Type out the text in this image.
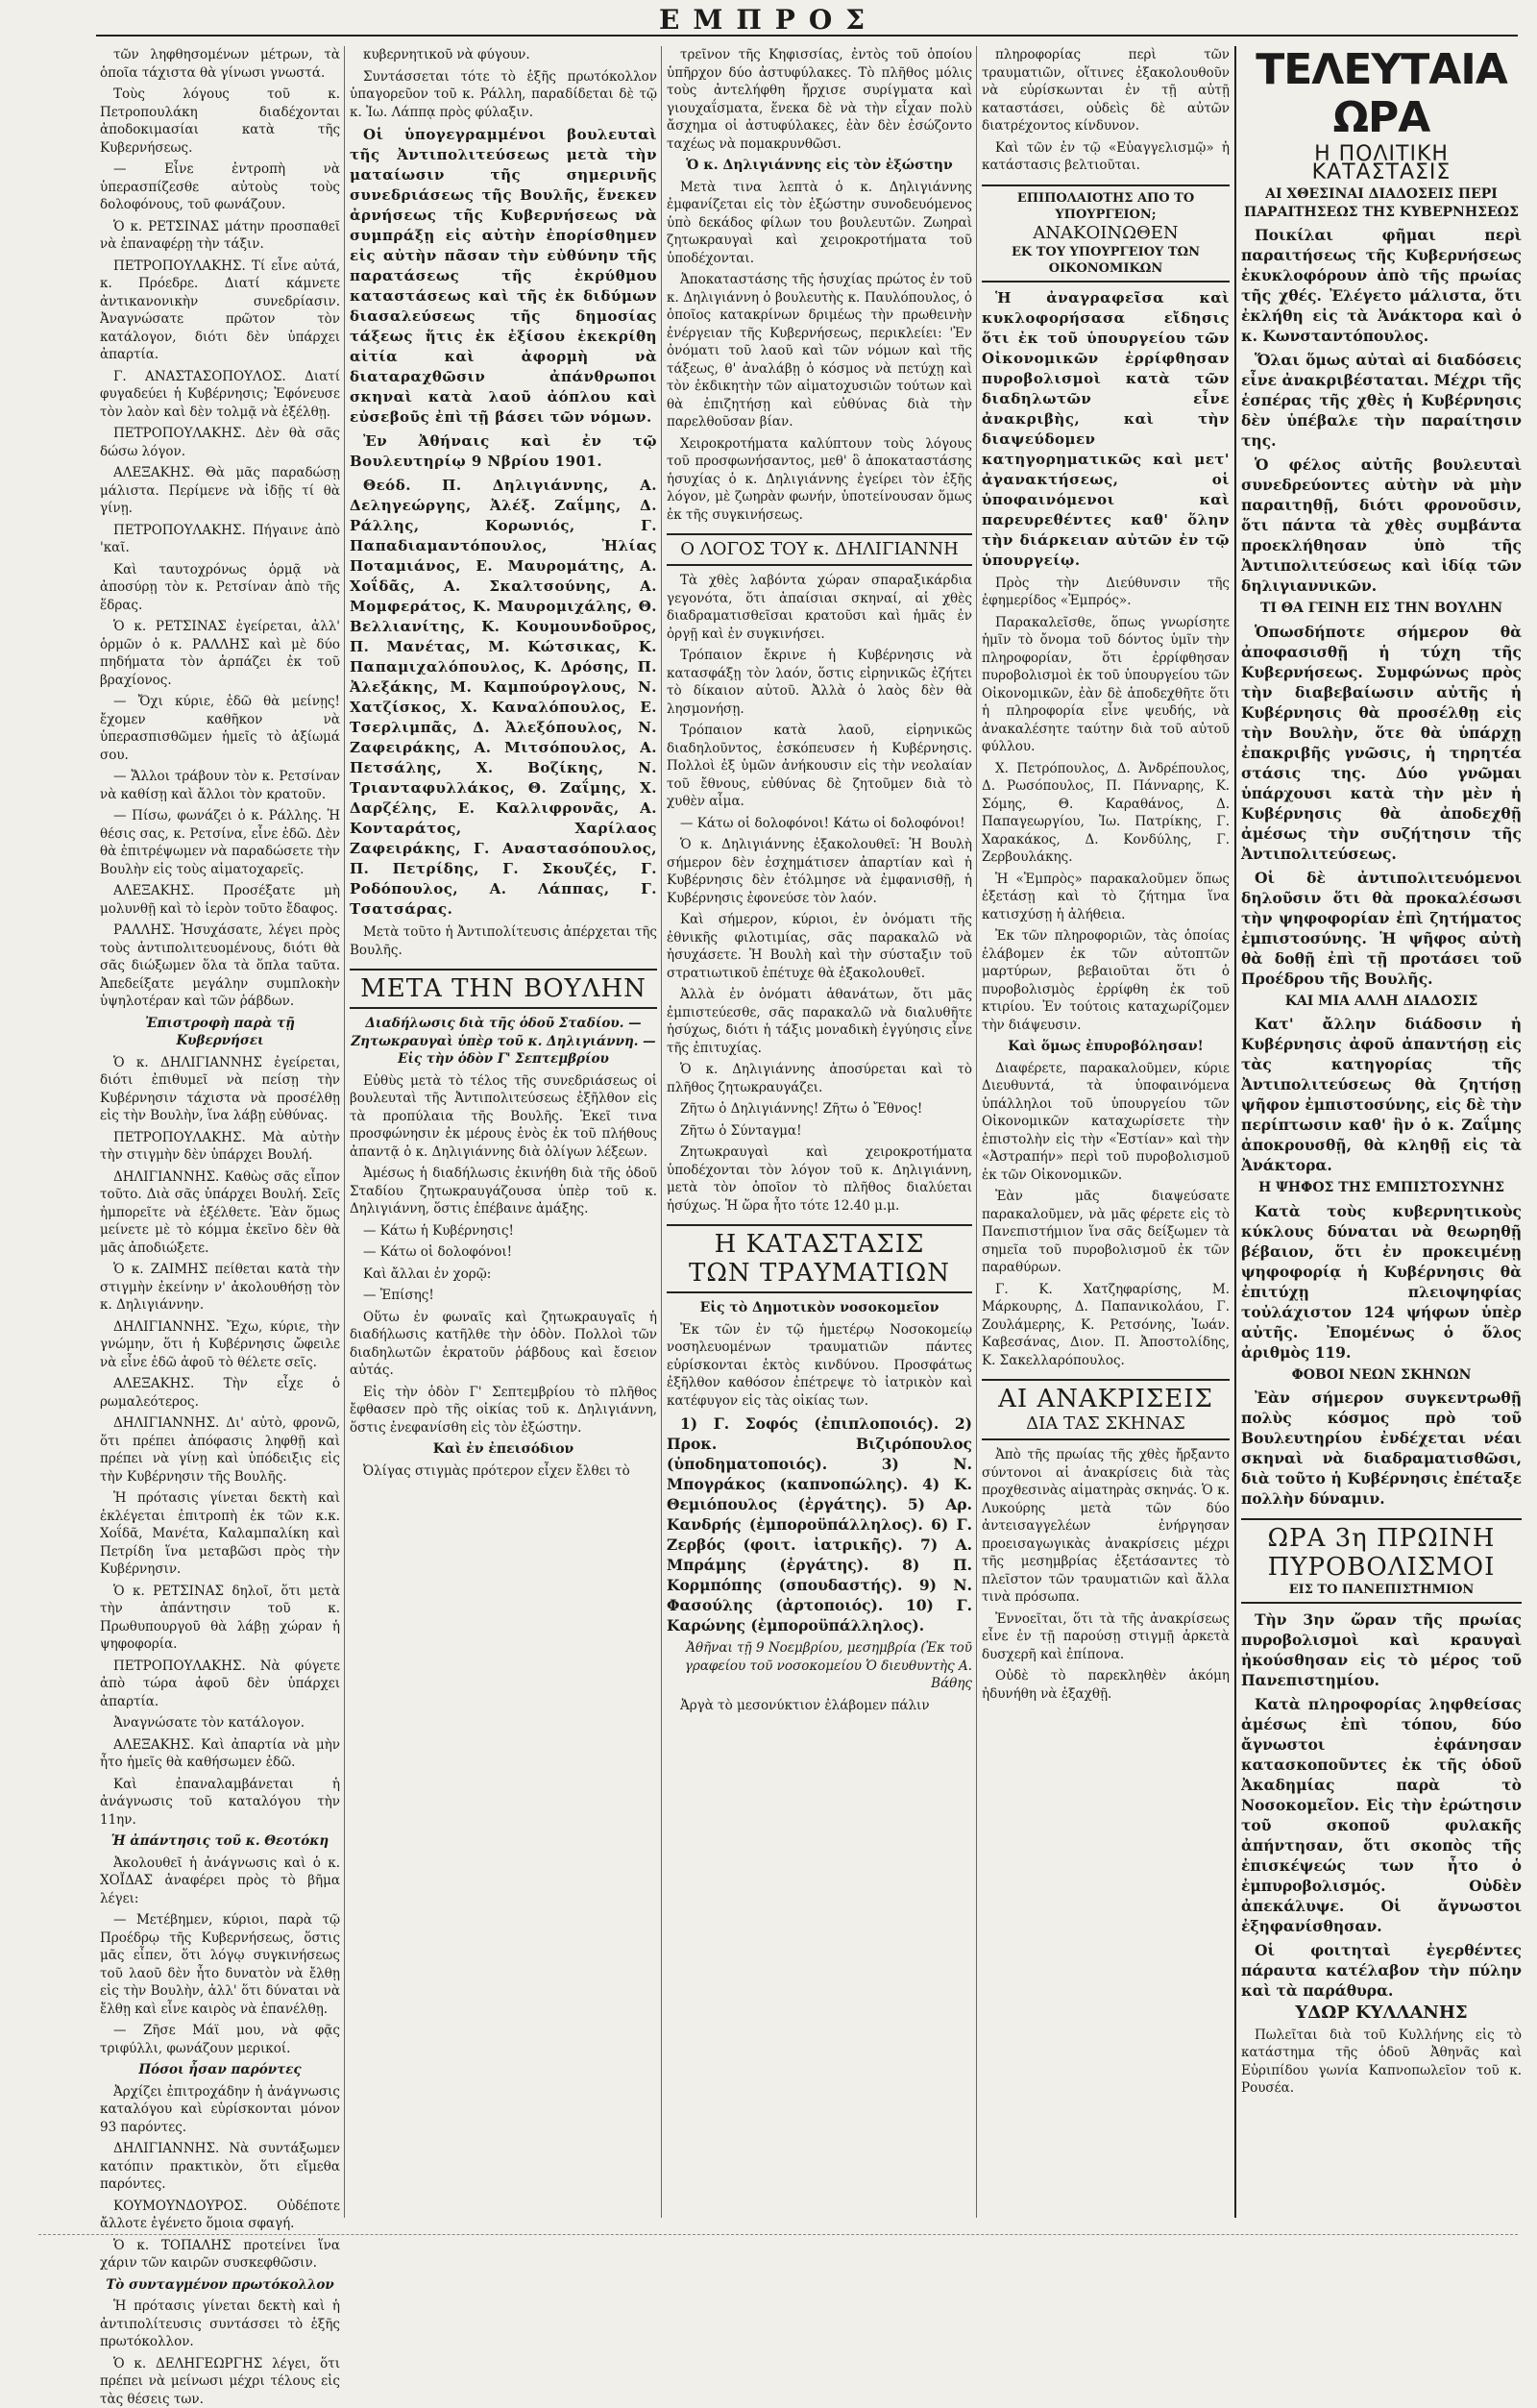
ΕΜΠΡΟΣ

τῶν ληφθησομένων μέτρων, τὰ ὁποῖα τάχιστα θὰ γίνωσι γνωστά.

Τοὺς λόγους τοῦ κ. Πετροπουλάκη διαδέχονται ἀποδοκιμασίαι κατὰ τῆς Κυβερνήσεως.

— Εἶνε ἐντροπὴ νὰ ὑπερασπίζεσθε αὐτοὺς τοὺς δολοφόνους, τοῦ φωνάζουν.

Ὁ κ. ΡΕΤΣΙΝΑΣ μάτην προσπαθεῖ νὰ ἐπαναφέρῃ τὴν τάξιν.

ΠΕΤΡΟΠΟΥΛΑΚΗΣ. Τί εἶνε αὐτά, κ. Πρόεδρε. Διατί κάμνετε ἀντικανονικὴν συνεδρίασιν. Ἀναγνώσατε πρῶτον τὸν κατάλογον, διότι δὲν ὑπάρχει ἀπαρτία.

Γ. ΑΝΑΣΤΑΣΟΠΟΥΛΟΣ. Διατί φυγαδεύει ἡ Κυβέρνησις; Ἐφόνευσε τὸν λαὸν καὶ δὲν τολμᾷ νὰ ἐξέλθῃ.

ΠΕΤΡΟΠΟΥΛΑΚΗΣ. Δὲν θὰ σᾶς δώσω λόγον.

ΑΛΕΞΑΚΗΣ. Θὰ μᾶς παραδώσῃ μάλιστα. Περίμενε νὰ ἰδῇς τί θὰ γίνῃ.

ΠΕΤΡΟΠΟΥΛΑΚΗΣ. Πήγαινε ἀπὸ 'καῖ.

Καὶ ταυτοχρόνως ὁρμᾷ νὰ ἀποσύρῃ τὸν κ. Ρετσίναν ἀπὸ τῆς ἕδρας.

Ὁ κ. ΡΕΤΣΙΝΑΣ ἐγείρεται, ἀλλ' ὁρμῶν ὁ κ. ΡΑΛΛΗΣ καὶ μὲ δύο πηδήματα τὸν ἁρπάζει ἐκ τοῦ βραχίονος.

— Ὄχι κύριε, ἐδῶ θὰ μείνῃς! ἔχομεν καθῆκον νὰ ὑπερασπισθῶμεν ἡμεῖς τὸ ἀξίωμά σου.

— Ἄλλοι τράβουν τὸν κ. Ρετσίναν νὰ καθίσῃ καὶ ἄλλοι τὸν κρατοῦν.

— Πίσω, φωνάζει ὁ κ. Ράλλης. Ἡ θέσις σας, κ. Ρετσίνα, εἶνε ἐδῶ. Δὲν θὰ ἐπιτρέψωμεν νὰ παραδώσετε τὴν Βουλὴν εἰς τοὺς αἱματοχαρεῖς.

ΑΛΕΞΑΚΗΣ. Προσέξατε μὴ μολυνθῇ καὶ τὸ ἱερὸν τοῦτο ἔδαφος.

ΡΑΛΛΗΣ. Ἡσυχάσατε, λέγει πρὸς τοὺς ἀντιπολιτευομένους, διότι θὰ σᾶς διώξωμεν ὅλα τὰ ὅπλα ταῦτα. Ἀπεδείξατε μεγάλην συμπλοκὴν ὑψηλοτέραν καὶ τῶν ῥάβδων.

Ἐπιστροφὴ παρὰ τῇ Κυβερνήσει

Ὁ κ. ΔΗΛΙΓΙΑΝΝΗΣ ἐγείρεται, διότι ἐπιθυμεῖ νὰ πείσῃ τὴν Κυβέρνησιν τάχιστα νὰ προσέλθῃ εἰς τὴν Βουλὴν, ἵνα λάβῃ εὐθύνας.

ΠΕΤΡΟΠΟΥΛΑΚΗΣ. Μὰ αὐτὴν τὴν στιγμὴν δὲν ὑπάρχει Βουλή.

ΔΗΛΙΓΙΑΝΝΗΣ. Καθὼς σᾶς εἶπον τοῦτο. Διὰ σᾶς ὑπάρχει Βουλή. Σεῖς ἠμπορεῖτε νὰ ἐξέλθετε. Ἐὰν ὅμως μείνετε μὲ τὸ κόμμα ἐκεῖνο δὲν θὰ μᾶς ἀποδιώξετε.

Ὁ κ. ΖΑΙΜΗΣ πείθεται κατὰ τὴν στιγμὴν ἐκείνην ν' ἀκολουθήσῃ τὸν κ. Δηλιγιάννην.

ΔΗΛΙΓΙΑΝΝΗΣ. Ἔχω, κύριε, τὴν γνώμην, ὅτι ἡ Κυβέρνησις ὤφειλε νὰ εἶνε ἐδῶ ἀφοῦ τὸ θέλετε σεῖς.

ΑΛΕΞΑΚΗΣ. Τὴν εἶχε ὁ ρωμαλεότερος.

ΔΗΛΙΓΙΑΝΝΗΣ. Δι' αὐτὸ, φρονῶ, ὅτι πρέπει ἀπόφασις ληφθῇ καὶ πρέπει νὰ γίνῃ καὶ ὑπόδειξις εἰς τὴν Κυβέρνησιν τῆς Βουλῆς.

Ἡ πρότασις γίνεται δεκτὴ καὶ ἐκλέγεται ἐπιτροπὴ ἐκ τῶν κ.κ. Χοΐδᾶ, Μανέτα, Καλαμπαλίκη καὶ Πετρίδη ἵνα μεταβῶσι πρὸς τὴν Κυβέρνησιν.

Ὁ κ. ΡΕΤΣΙΝΑΣ δηλοῖ, ὅτι μετὰ τὴν ἀπάντησιν τοῦ κ. Πρωθυπουργοῦ θὰ λάβῃ χώραν ἡ ψηφοφορία.

ΠΕΤΡΟΠΟΥΛΑΚΗΣ. Νὰ φύγετε ἀπὸ τώρα ἀφοῦ δὲν ὑπάρχει ἀπαρτία.

Ἀναγνώσατε τὸν κατάλογον.

ΑΛΕΞΑΚΗΣ. Καὶ ἀπαρτία νὰ μὴν ἦτο ἡμεῖς θὰ καθήσωμεν ἐδῶ.

Καὶ ἐπαναλαμβάνεται ἡ ἀνάγνωσις τοῦ καταλόγου τὴν 11ην.

Ἡ ἀπάντησις τοῦ κ. Θεοτόκη

Ἀκολουθεῖ ἡ ἀνάγνωσις καὶ ὁ κ. ΧΟΪΔΑΣ ἀναφέρει πρὸς τὸ βῆμα λέγει:

— Μετέβημεν, κύριοι, παρὰ τῷ Προέδρῳ τῆς Κυβερνήσεως, ὅστις μᾶς εἶπεν, ὅτι λόγῳ συγκινήσεως τοῦ λαοῦ δὲν ἦτο δυνατὸν νὰ ἔλθῃ εἰς τὴν Βουλὴν, ἀλλ' ὅτι δύναται νὰ ἔλθῃ καὶ εἶνε καιρὸς νὰ ἐπανέλθῃ.

— Ζῆσε Μάϊ μου, νὰ φᾷς τριφύλλι, φωνάζουν μερικοί.

Πόσοι ἦσαν παρόντες

Ἀρχίζει ἐπιτροχάδην ἡ ἀνάγνωσις καταλόγου καὶ εὑρίσκονται μόνον 93 παρόντες.

ΔΗΛΙΓΙΑΝΝΗΣ. Νὰ συντάξωμεν κατόπιν πρακτικὸν, ὅτι εἴμεθα παρόντες.

ΚΟΥΜΟΥΝΔΟΥΡΟΣ. Οὐδέποτε ἄλλοτε ἐγένετο ὅμοια σφαγή.

Ὁ κ. ΤΟΠΑΛΗΣ προτείνει ἵνα χάριν τῶν καιρῶν συσκεφθῶσιν.

Τὸ συνταγμένον πρωτόκολλον

Ἡ πρότασις γίνεται δεκτὴ καὶ ἡ ἀντιπολίτευσις συντάσσει τὸ ἑξῆς πρωτόκολλον.

Ὁ κ. ΔΕΛΗΓΕΩΡΓΗΣ λέγει, ὅτι πρέπει νὰ μείνωσι μέχρι τέλους εἰς τὰς θέσεις των.

κυβερνητικοῦ νὰ φύγουν.

Συντάσσεται τότε τὸ ἑξῆς πρωτόκολλον ὑπαγορεῦον τοῦ κ. Ράλλη, παραδίδεται δὲ τῷ κ. Ἰω. Λάππᾳ πρὸς φύλαξιν.

Οἱ ὑπογεγραμμένοι βουλευταὶ τῆς Ἀντιπολιτεύσεως μετὰ τὴν ματαίωσιν τῆς σημερινῆς συνεδριάσεως τῆς Βουλῆς, ἕνεκεν ἀρνήσεως τῆς Κυβερνήσεως νὰ συμπράξῃ εἰς αὐτὴν ἐπορίσθημεν εἰς αὐτὴν πᾶσαν τὴν εὐθύνην τῆς παρατάσεως τῆς ἐκρύθμου καταστάσεως καὶ τῆς ἐκ διδύμων διασαλεύσεως τῆς δημοσίας τάξεως ἥτις ἐκ ἐξίσου ἐκεκρίθη αἰτία καὶ ἀφορμὴ νὰ διαταραχθῶσιν ἀπάνθρωποι σκηναὶ κατὰ λαοῦ ἀόπλου καὶ εὐσεβοῦς ἐπὶ τῇ βάσει τῶν νόμων.

Ἐν Ἀθήναις καὶ ἐν τῷ Βουλευτηρίῳ 9 Νβρίου 1901.

Θεόδ. Π. Δηλιγιάννης, Α. Δεληγεώργης, Ἀλέξ. Ζαΐμης, Δ. Ράλλης, Κορωνιός, Γ. Παπαδιαμαντόπουλος, Ἠλίας Ποταμιάνος, Ε. Μαυρομάτης, Α. Χοΐδᾶς, Α. Σκαλτσούνης, Α. Μομφεράτος, Κ. Μαυρομιχάλης, Θ. Βελλιανίτης, Κ. Κουμουνδοῦρος, Π. Μανέτας, Μ. Κώτσικας, Κ. Παπαμιχαλόπουλος, Κ. Δρόσης, Π. Ἀλεξάκης, Μ. Καμπούρογλους, Ν. Χατζίσκος, Χ. Καναλόπουλος, Ε. Τσερλιμπᾶς, Δ. Ἀλεξόπουλος, Ν. Ζαφειράκης, Α. Μιτσόπουλος, Α. Πετσάλης, Χ. Βοζίκης, Ν. Τριανταφυλλάκος, Θ. Ζαΐμης, Χ. Δαρζέλης, Ε. Καλλιφρονᾶς, Α. Κονταράτος, Χαρίλαος Ζαφειράκης, Γ. Αναστασόπουλος, Π. Πετρίδης, Γ. Σκουζές, Γ. Ροδόπουλος, Α. Λάππας, Γ. Τσατσάρας.

Μετὰ τοῦτο ἡ Ἀντιπολίτευσις ἀπέρχεται τῆς Βουλῆς.

ΜΕΤΑ ΤΗΝ ΒΟΥΛΗΝ

Διαδήλωσις διὰ τῆς ὁδοῦ Σταδίου. — Ζητωκραυγαὶ ὑπὲρ τοῦ κ. Δηλιγιάννη. — Εἰς τὴν ὁδὸν Γ' Σεπτεμβρίου

Εὐθὺς μετὰ τὸ τέλος τῆς συνεδριάσεως οἱ βουλευταὶ τῆς Ἀντιπολιτεύσεως ἐξῆλθον εἰς τὰ προπύλαια τῆς Βουλῆς. Ἐκεῖ τινα προσφώνησιν ἐκ μέρους ἑνὸς ἐκ τοῦ πλήθους ἀπαντᾷ ὁ κ. Δηλιγιάννης διὰ ὀλίγων λέξεων.

Ἀμέσως ἡ διαδήλωσις ἐκινήθη διὰ τῆς ὁδοῦ Σταδίου ζητωκραυγάζουσα ὑπὲρ τοῦ κ. Δηλιγιάννη, ὅστις ἐπέβαινε ἀμάξης.

— Κάτω ἡ Κυβέρνησις!

— Κάτω οἱ δολοφόνοι!

Καὶ ἄλλαι ἐν χορῷ:

— Ἐπίσης!

Οὕτω ἐν φωναῖς καὶ ζητωκραυγαῖς ἡ διαδήλωσις κατῆλθε τὴν ὁδὸν. Πολλοὶ τῶν διαδηλωτῶν ἐκρατοῦν ῥάβδους καὶ ἔσειον αὐτάς.

Εἰς τὴν ὁδὸν Γ' Σεπτεμβρίου τὸ πλῆθος ἔφθασεν πρὸ τῆς οἰκίας τοῦ κ. Δηλιγιάννη, ὅστις ἐνεφανίσθη εἰς τὸν ἐξώστην.

Καὶ ἐν ἐπεισόδιον

Ὀλίγας στιγμὰς πρότερον εἶχεν ἔλθει τὸ

τρεῖνον τῆς Κηφισσίας, ἐντὸς τοῦ ὁποίου ὑπῆρχον δύο ἀστυφύλακες. Τὸ πλῆθος μόλις τοὺς ἀντελήφθη ἤρχισε συρίγματα καὶ γιουχαΐσματα, ἕνεκα δὲ νὰ τὴν εἶχαν πολὺ ἄσχημα οἱ ἀστυφύλακες, ἐὰν δὲν ἐσώζοντο ταχέως νὰ πομακρυνθῶσι.

Ὁ κ. Δηλιγιάννης εἰς τὸν ἐξώστην

Μετὰ τινα λεπτὰ ὁ κ. Δηλιγιάννης ἐμφανίζεται εἰς τὸν ἐξώστην συνοδευόμενος ὑπὸ δεκάδος φίλων του βουλευτῶν. Ζωηραὶ ζητωκραυγαὶ καὶ χειροκροτήματα τοῦ ὑποδέχονται.

Ἀποκαταστάσης τῆς ἡσυχίας πρώτος ἐν τοῦ κ. Δηλιγιάννη ὁ βουλευτὴς κ. Παυλόπουλος, ὁ ὁποῖος κατακρίνων δριμέως τὴν πρωθεινὴν ἐνέργειαν τῆς Κυβερνήσεως, περικλείει: 'Ἐν ὀνόματι τοῦ λαοῦ καὶ τῶν νόμων καὶ τῆς τάξεως, θ' ἀναλάβῃ ὁ κόσμος νὰ πετύχῃ καὶ τὸν ἐκδικητὴν τῶν αἱματοχυσιῶν τούτων καὶ θὰ ἐπιζητήσῃ καὶ εὐθύνας διὰ τὴν παρελθοῦσαν βίαν.

Χειροκροτήματα καλύπτουν τοὺς λόγους τοῦ προσφωνήσαντος, μεθ' ὃ ἀποκαταστάσης ἡσυχίας ὁ κ. Δηλιγιάννης ἐγείρει τὸν ἑξῆς λόγον, μὲ ζωηρὰν φωνήν, ὑποτείνουσαν ὅμως ἐκ τῆς συγκινήσεως.

Ο ΛΟΓΟΣ ΤΟΥ κ. ΔΗΛΙΓΙΑΝΝΗ

Τὰ χθὲς λαβόντα χώραν σπαραξικάρδια γεγονότα, ὅτι ἀπαίσιαι σκηναί, αἱ χθὲς διαδραματισθεῖσαι κρατοῦσι καὶ ἡμᾶς ἐν ὀργῇ καὶ ἐν συγκινήσει.

Τρόπαιον ἔκρινε ἡ Κυβέρνησις νὰ κατασφάξῃ τὸν λαόν, ὅστις εἰρηνικῶς ἐζήτει τὸ δίκαιον αὐτοῦ. Ἀλλὰ ὁ λαὸς δὲν θὰ λησμονήσῃ.

Τρόπαιον κατὰ λαοῦ, εἰρηνικῶς διαδηλοῦντος, ἐσκόπευσεν ἡ Κυβέρνησις. Πολλοὶ ἐξ ὑμῶν ἀνήκουσιν εἰς τὴν νεολαίαν τοῦ ἔθνους, εὐθύνας δὲ ζητοῦμεν διὰ τὸ χυθὲν αἷμα.

— Κάτω οἱ δολοφόνοι! Κάτω οἱ δολοφόνοι!

Ὁ κ. Δηλιγιάννης ἐξακολουθεῖ: Ἡ Βουλὴ σήμερον δὲν ἐσχημάτισεν ἀπαρτίαν καὶ ἡ Κυβέρνησις δὲν ἐτόλμησε νὰ ἐμφανισθῇ, ἡ Κυβέρνησις ἐφονεύσε τὸν λαόν.

Καὶ σήμερον, κύριοι, ἐν ὀνόματι τῆς ἐθνικῆς φιλοτιμίας, σᾶς παρακαλῶ νὰ ἡσυχάσετε. Ἡ Βουλὴ καὶ τὴν σύσταξιν τοῦ στρατιωτικοῦ ἐπέτυχε θὰ ἐξακολουθεῖ.

Ἀλλὰ ἐν ὀνόματι ἀθανάτων, ὅτι μᾶς ἐμπιστεύεσθε, σᾶς παρακαλῶ νὰ διαλυθῆτε ἡσύχως, διότι ἡ τάξις μοναδικὴ ἐγγύησις εἶνε τῆς ἐπιτυχίας.

Ὁ κ. Δηλιγιάννης ἀποσύρεται καὶ τὸ πλῆθος ζητωκραυγάζει.

Ζῆτω ὁ Δηλιγιάννης! Ζῆτω ὁ Ἔθνος!

Ζῆτω ὁ Σύνταγμα!

Ζητωκραυγαὶ καὶ χειροκροτήματα ὑποδέχονται τὸν λόγον τοῦ κ. Δηλιγιάννη, μετὰ τὸν ὁποῖον τὸ πλῆθος διαλύεται ἡσύχως. Ἡ ὥρα ἦτο τότε 12.40 μ.μ.

Η ΚΑΤΑΣΤΑΣΙΣ
ΤΩΝ ΤΡΑΥΜΑΤΙΩΝ

Εἰς τὸ Δημοτικὸν νοσοκομεῖον

Ἐκ τῶν ἐν τῷ ἡμετέρῳ Νοσοκομείῳ νοσηλευομένων τραυματιῶν πάντες εὑρίσκονται ἐκτὸς κινδύνου. Προσφάτως ἐξῆλθον καθόσον ἐπέτρεψε τὸ ἰατρικὸν καὶ κατέφυγον εἰς τὰς οἰκίας των.

1) Γ. Σοφός (ἐπιπλοποιός). 2) Προκ. Βιζιρόπουλος (ὑποδηματοποιός). 3) Ν. Μπογράκος (καπνοπώλης). 4) Κ. Θεμιόπουλος (ἐργάτης). 5) Αρ. Κανδρής (ἐμποροϋπάλληλος). 6) Γ. Ζερβός (φοιτ. ἰατρικῆς). 7) Α. Μπράμης (ἐργάτης). 8) Π. Κορμπόπης (σπουδαστής). 9) Ν. Φασούλης (ἀρτοποιός). 10) Γ. Καρώνης (ἐμποροϋπάλληλος).

Ἀθῆναι τῇ 9 Νοεμβρίου, μεσημβρία (Ἐκ τοῦ γραφείου τοῦ νοσοκομείου Ὁ διευθυντὴς Α. Βάθης

Ἀργὰ τὸ μεσονύκτιον ἐλάβομεν πάλιν

πληροφορίας περὶ τῶν τραυματιῶν, οἵτινες ἐξακολουθοῦν νὰ εὑρίσκωνται ἐν τῇ αὐτῇ καταστάσει, οὐδεὶς δὲ αὐτῶν διατρέχοντος κίνδυνον.

Καὶ τῶν ἐν τῷ «Εὐαγγελισμῷ» ἡ κατάστασις βελτιοῦται.

ΕΠΙΠΟΛΑΙΟΤΗΣ ΑΠΟ ΤΟ ΥΠΟΥΡΓΕΙΟΝ;
ΑΝΑΚΟΙΝΩΘΕΝ
ΕΚ ΤΟΥ ΥΠΟΥΡΓΕΙΟΥ ΤΩΝ ΟΙΚΟΝΟΜΙΚΩΝ

Ἡ ἀναγραφεῖσα καὶ κυκλοφορήσασα εἴδησις ὅτι ἐκ τοῦ ὑπουργείου τῶν Οἰκονομικῶν ἐρρίφθησαν πυροβολισμοὶ κατὰ τῶν διαδηλωτῶν εἶνε ἀνακριβὴς, καὶ τὴν διαψεύδομεν κατηγορηματικῶς καὶ μετ' ἀγανακτήσεως, οἱ ὑποφαινόμενοι καὶ παρευρεθέντες καθ' ὅλην τὴν διάρκειαν αὐτῶν ἐν τῷ ὑπουργείῳ.

Πρὸς τὴν Διεύθυνσιν τῆς ἐφημερίδος «Ἐμπρός».

Παρακαλεῖσθε, ὅπως γνωρίσητε ἡμῖν τὸ ὄνομα τοῦ δόντος ὑμῖν τὴν πληροφορίαν, ὅτι ἐρρίφθησαν πυροβολισμοὶ ἐκ τοῦ ὑπουργείου τῶν Οἰκονομικῶν, ἐὰν δὲ ἀποδεχθῆτε ὅτι ἡ πληροφορία εἶνε ψευδής, νὰ ἀνακαλέσητε ταύτην διὰ τοῦ αὐτοῦ φύλλου.

Χ. Πετρόπουλος, Δ. Ἀνδρέπουλος, Δ. Ρωσόπουλος, Π. Πάνναρης, Κ. Σόμης, Θ. Καραθάνος, Δ. Παπαγεωργίου, Ἰω. Πατρίκης, Γ. Χαρακάκος, Δ. Κονδύλης, Γ. Ζερβουλάκης.

Ἡ «Ἐμπρὸς» παρακαλοῦμεν ὅπως ἐξετάσῃ καὶ τὸ ζήτημα ἵνα κατισχύσῃ ἡ ἀλήθεια.

Ἐκ τῶν πληροφοριῶν, τὰς ὁποίας ἐλάβομεν ἐκ τῶν αὐτοπτῶν μαρτύρων, βεβαιοῦται ὅτι ὁ πυροβολισμὸς ἐρρίφθη ἐκ τοῦ κτιρίου. Ἐν τούτοις καταχωρίζομεν τὴν διάψευσιν.

Καὶ ὅμως ἐπυροβόλησαν!

Διαφέρετε, παρακαλοῦμεν, κύριε Διευθυντά, τὰ ὑποφαινόμενα ὑπάλληλοι τοῦ ὑπουργείου τῶν Οἰκονομικῶν καταχωρίσετε τὴν ἐπιστολὴν εἰς τὴν «Ἑστίαν» καὶ τὴν «Ἀστραπήν» περὶ τοῦ πυροβολισμοῦ ἐκ τῶν Οἰκονομικῶν.

Ἐὰν μᾶς διαψεύσατε παρακαλοῦμεν, νὰ μᾶς φέρετε εἰς τὸ Πανεπιστήμιον ἵνα σᾶς δείξωμεν τὰ σημεῖα τοῦ πυροβολισμοῦ ἐκ τῶν παραθύρων.

Γ. Κ. Χατζηφαρίσης, Μ. Μάρκουρης, Δ. Παπανικολάου, Γ. Ζουλάμερης, Κ. Ρετσόνης, Ἰωάν. Καβεσάνας, Διον. Π. Ἀποστολίδης, Κ. Σακελλαρόπουλος.

ΑΙ ΑΝΑΚΡΙΣΕΙΣ
ΔΙΑ ΤΑΣ ΣΚΗΝΑΣ

Ἀπὸ τῆς πρωίας τῆς χθὲς ἤρξαντο σύντονοι αἱ ἀνακρίσεις διὰ τὰς προχθεσινὰς αἱματηρὰς σκηνάς. Ὁ κ. Λυκούρης μετὰ τῶν δύο ἀντεισαγγελέων ἐνήργησαν προεισαγωγικὰς ἀνακρίσεις μέχρι τῆς μεσημβρίας ἐξετάσαντες τὸ πλεῖστον τῶν τραυματιῶν καὶ ἄλλα τινὰ πρόσωπα.

Ἐννοεῖται, ὅτι τὰ τῆς ἀνακρίσεως εἶνε ἐν τῇ παρούσῃ στιγμῇ ἀρκετὰ δυσχερῆ καὶ ἐπίπονα.

Οὐδὲ τὸ παρεκληθὲν ἀκόμη ἠδυνήθη νὰ ἐξαχθῇ.

ΤΕΛΕΥΤΑΙΑ ΩΡΑ

Η ΠΟΛΙΤΙΚΗ ΚΑΤΑΣΤΑΣΙΣ

ΑΙ ΧΘΕΣΙΝΑΙ ΔΙΑΔΟΣΕΙΣ ΠΕΡΙ ΠΑΡΑΙΤΗΣΕΩΣ ΤΗΣ ΚΥΒΕΡΝΗΣΕΩΣ

Ποικίλαι φῆμαι περὶ παραιτήσεως τῆς Κυβερνήσεως ἐκυκλοφόρουν ἀπὸ τῆς πρωίας τῆς χθές. Ἐλέγετο μάλιστα, ὅτι ἐκλήθη εἰς τὰ Ἀνάκτορα καὶ ὁ κ. Κωνσταντόπουλος.

Ὅλαι ὅμως αὐταὶ αἱ διαδόσεις εἶνε ἀνακριβέσταται. Μέχρι τῆς ἑσπέρας τῆς χθὲς ἡ Κυβέρνησις δὲν ὑπέβαλε τὴν παραίτησιν της.

Ὁ φέλος αὐτῆς βουλευταὶ συνεδρεύοντες αὐτὴν νὰ μὴν παραιτηθῇ, διότι φρονοῦσιν, ὅτι πάντα τὰ χθὲς συμβάντα προεκλήθησαν ὑπὸ τῆς Ἀντιπολιτεύσεως καὶ ἰδίᾳ τῶν δηλιγιαννικῶν.

ΤΙ ΘΑ ΓΕΙΝΗ ΕΙΣ ΤΗΝ ΒΟΥΛΗΝ

Ὁπωσδήποτε σήμερον θὰ ἀποφασισθῇ ἡ τύχη τῆς Κυβερνήσεως. Συμφώνως πρὸς τὴν διαβεβαίωσιν αὐτῆς ἡ Κυβέρνησις θὰ προσέλθῃ εἰς τὴν Βουλὴν, ὅτε θὰ ὑπάρχῃ ἐπακριβῆς γνῶσις, ἡ τηρητέα στάσις της. Δύο γνῶμαι ὑπάρχουσι κατὰ τὴν μὲν ἡ Κυβέρνησις θὰ ἀποδεχθῇ ἀμέσως τὴν συζήτησιν τῆς Ἀντιπολιτεύσεως.

Οἱ δὲ ἀντιπολιτευόμενοι δηλοῦσιν ὅτι θὰ προκαλέσωσι τὴν ψηφοφορίαν ἐπὶ ζητήματος ἐμπιστοσύνης. Ἡ ψῆφος αὐτὴ θὰ δοθῇ ἐπὶ τῇ προτάσει τοῦ Προέδρου τῆς Βουλῆς.

ΚΑΙ ΜΙΑ ΑΛΛΗ ΔΙΑΔΟΣΙΣ

Κατ' ἄλλην διάδοσιν ἡ Κυβέρνησις ἀφοῦ ἀπαντήσῃ εἰς τὰς κατηγορίας τῆς Ἀντιπολιτεύσεως θὰ ζητήσῃ ψῆφον ἐμπιστοσύνης, εἰς δὲ τὴν περίπτωσιν καθ' ἣν ὁ κ. Ζαΐμης ἀποκρουσθῇ, θὰ κληθῇ εἰς τὰ Ἀνάκτορα.

Η ΨΗΦΟΣ ΤΗΣ ΕΜΠΙΣΤΟΣΥΝΗΣ

Κατὰ τοὺς κυβερνητικοὺς κύκλους δύναται νὰ θεωρηθῇ βέβαιον, ὅτι ἐν προκειμένῃ ψηφοφορίᾳ ἡ Κυβέρνησις θὰ ἐπιτύχῃ πλειοψηφίας τοὐλάχιστον 124 ψήφων ὑπὲρ αὐτῆς. Ἐπομένως ὁ ὅλος ἀριθμὸς 119.

ΦΟΒΟΙ ΝΕΩΝ ΣΚΗΝΩΝ

Ἐὰν σήμερον συγκεντρωθῇ πολὺς κόσμος πρὸ τοῦ Βουλευτηρίου ἐνδέχεται νέαι σκηναὶ νὰ διαδραματισθῶσι, διὰ τοῦτο ἡ Κυβέρνησις ἐπέταξε πολλὴν δύναμιν.

ΩΡΑ 3η ΠΡΩΙΝΗ
ΠΥΡΟΒΟΛΙΣΜΟΙ
ΕΙΣ ΤΟ ΠΑΝΕΠΙΣΤΗΜΙΟΝ

Τὴν 3ην ὥραν τῆς πρωίας πυροβολισμοὶ καὶ κραυγαὶ ἠκούσθησαν εἰς τὸ μέρος τοῦ Πανεπιστημίου.

Κατὰ πληροφορίας ληφθείσας ἀμέσως ἐπὶ τόπου, δύο ἄγνωστοι ἐφάνησαν κατασκοποῦντες ἐκ τῆς ὁδοῦ Ἀκαδημίας παρὰ τὸ Νοσοκομεῖον. Εἰς τὴν ἐρώτησιν τοῦ σκοποῦ φυλακῆς ἀπήντησαν, ὅτι σκοπὸς τῆς ἐπισκέψεώς των ἦτο ὁ ἐμπυροβολισμός. Οὐδὲν ἀπεκάλυψε. Οἱ ἄγνωστοι ἐξηφανίσθησαν.

Οἱ φοιτηταὶ ἐγερθέντες πάραυτα κατέλαβον τὴν πύλην καὶ τὰ παράθυρα.

ΥΔΩΡ ΚΥΛΛΑΝΗΣ

Πωλεῖται διὰ τοῦ Κυλλήνης εἰς τὸ κατάστημα τῆς ὁδοῦ Ἀθηνᾶς καὶ Εὐριπίδου γωνία Καπνοπωλεῖον τοῦ κ. Ρουσέα.
